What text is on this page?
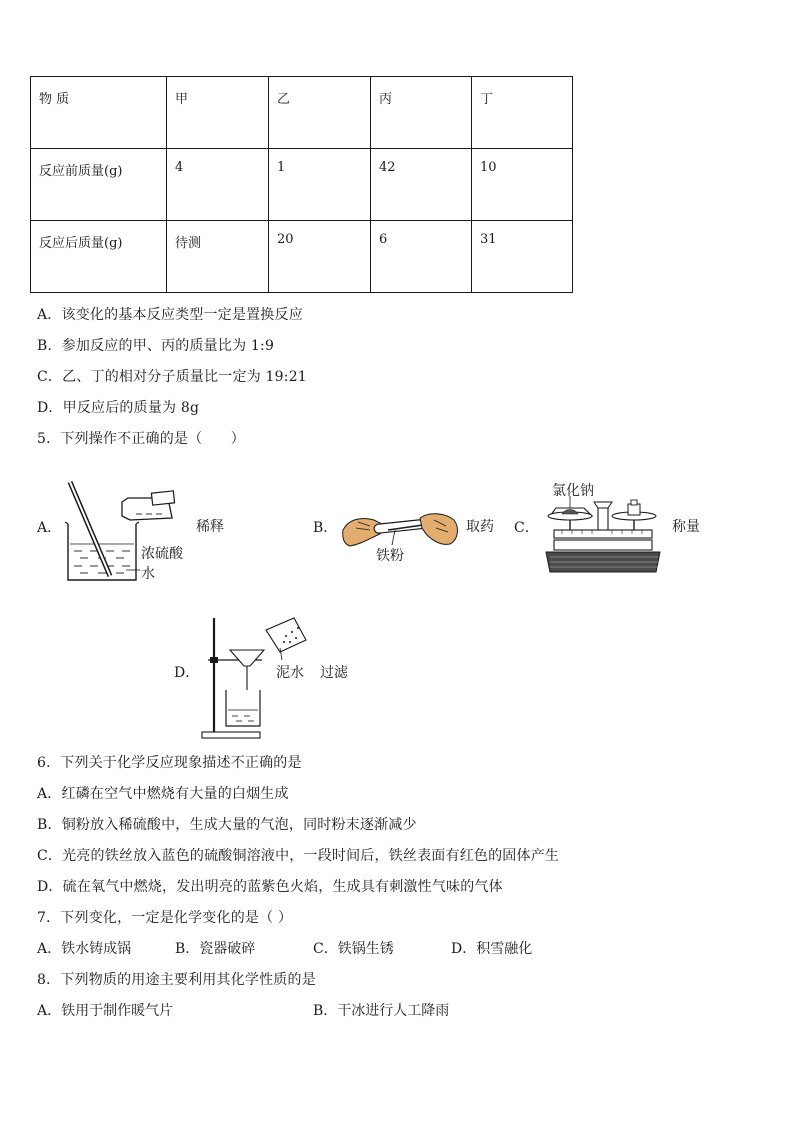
物 质	甲	乙	丙	丁
反应前质量(g)	4	1	42	10
反应后质量(g)	待测	20	6	31
A．该变化的基本反应类型一定是置换反应
B．参加反应的甲、丙的质量比为 1:9
C．乙、丁的相对分子质量比一定为 19:21
D．甲反应后的质量为 8g
5．下列操作不正确的是（　　）
A．	稀释
浓硫酸
水
B．	取药
铁粉
C．
氯化钠
称量
D．	泥水 过滤
6．下列关于化学反应现象描述不正确的是
A．红磷在空气中燃烧有大量的白烟生成
B．铜粉放入稀硫酸中，生成大量的气泡，同时粉末逐渐减少
C．光亮的铁丝放入蓝色的硫酸铜溶液中，一段时间后，铁丝表面有红色的固体产生
D．硫在氧气中燃烧，发出明亮的蓝紫色火焰，生成具有刺激性气味的气体
7．下列变化，一定是化学变化的是（ ）
A．铁水铸成锅	B．瓷器破碎	C．铁锅生锈	D．积雪融化
8．下列物质的用途主要利用其化学性质的是
A．铁用于制作暖气片	B．干冰进行人工降雨
